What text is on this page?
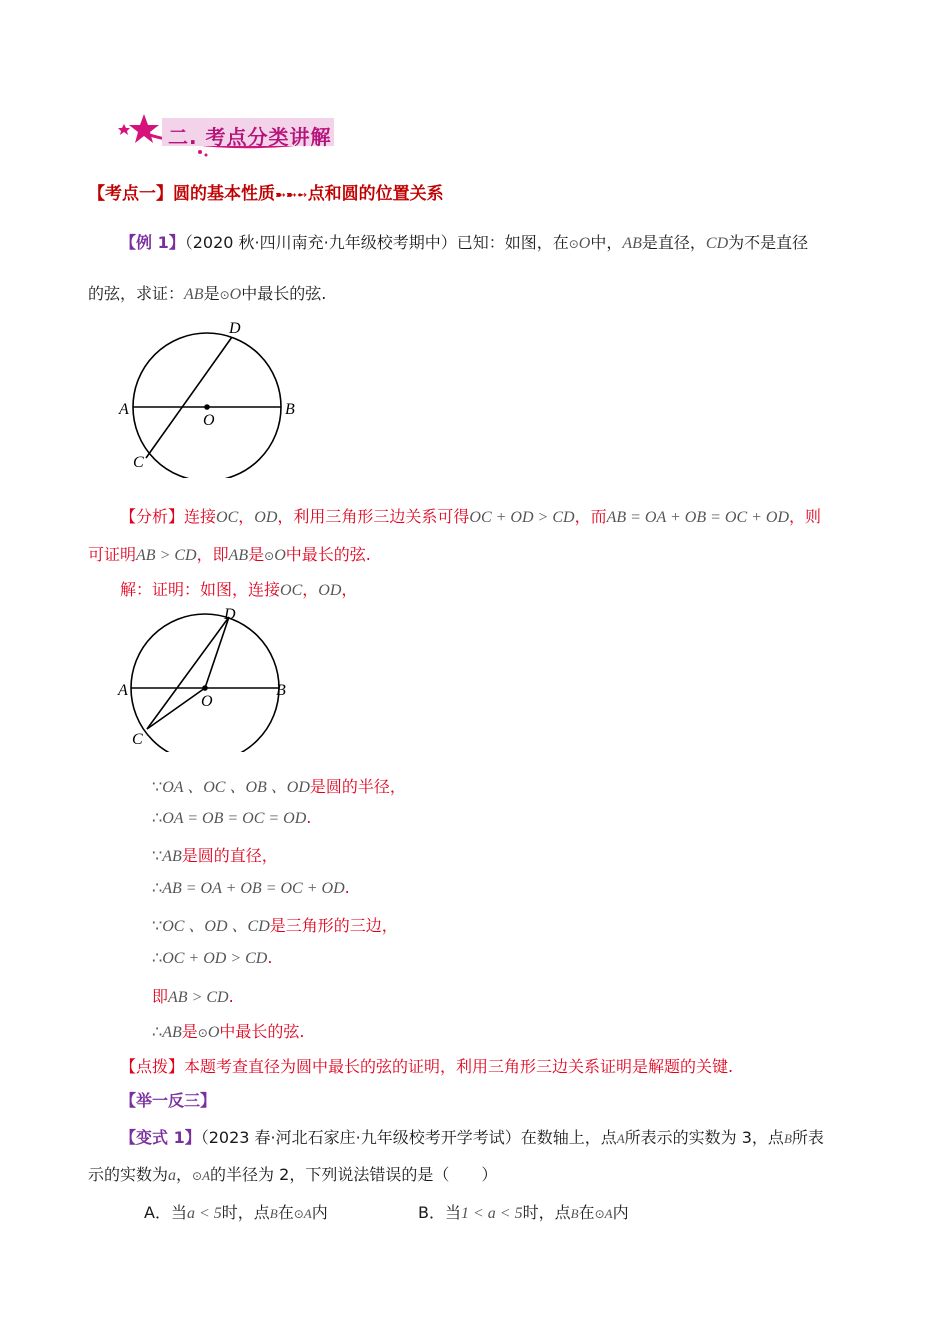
二. 考点分类讲解
【考点一】圆的基本性质➼➼➻点和圆的位置关系
【例 1】（2020 秋·四川南充·九年级校考期中）已知：如图，在⊙O中，AB是直径，CD为不是直径
的弦，求证：AB是⊙O中最长的弦.
A	B
C
D
O
【分析】连接OC，OD，利用三角形三边关系可得OC + OD > CD，而AB = OA + OB = OC + OD，则
可证明AB > CD，即AB是⊙O中最长的弦.
解：证明：如图，连接OC，OD，
A	B
C
D
O
∵OA 、OC 、OB 、OD是圆的半径，
∴OA = OB = OC = OD.
∵AB是圆的直径，
∴AB = OA + OB = OC + OD.
∵OC 、OD 、CD是三角形的三边，
∴OC + OD > CD.
即AB > CD.
∴AB是⊙O中最长的弦.
【点拨】本题考查直径为圆中最长的弦的证明，利用三角形三边关系证明是解题的关键.
【举一反三】
【变式 1】（2023 春·河北石家庄·九年级校考开学考试）在数轴上，点A所表示的实数为 3，点B所表
示的实数为a，⊙A的半径为 2，下列说法错误的是（　　）
A．当a < 5时，点B在⊙A内	B．当1 < a < 5时，点B在⊙A内
